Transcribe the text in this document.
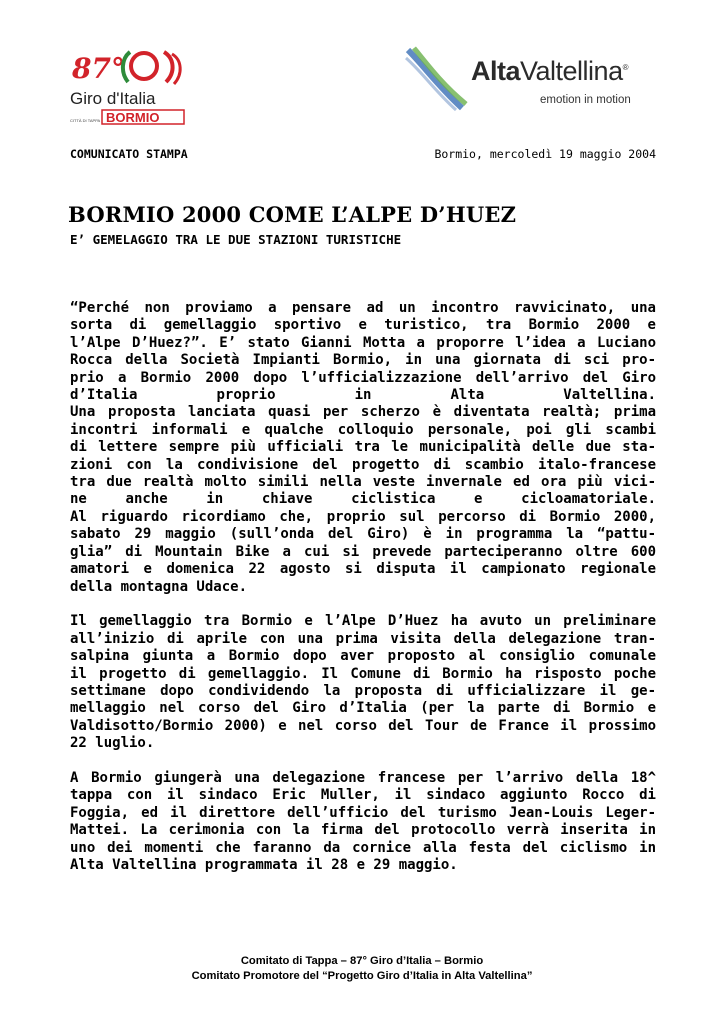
87°
Giro d'Italia
CITTÀ DI TAPPA BORMIO
AltaValtellina®
emotion in motion
COMUNICATO STAMPA	Bormio, mercoledì 19 maggio 2004
BORMIO 2000 COME L’ALPE D’HUEZ
E’ GEMELAGGIO TRA LE DUE STAZIONI TURISTICHE

“Perché non proviamo a pensare ad un incontro ravvicinato, una
sorta di gemellaggio sportivo e turistico, tra Bormio 2000 e
l’Alpe D’Huez?”. E’ stato Gianni Motta a proporre l’idea a Luciano
Rocca della Società Impianti Bormio, in una giornata di sci pro-
prio a Bormio 2000 dopo l’ufficializzazione dell’arrivo del Giro
d’Italia proprio in Alta Valtellina.
Una proposta lanciata quasi per scherzo è diventata realtà; prima
incontri informali e qualche colloquio personale, poi gli scambi
di lettere sempre più ufficiali tra le municipalità delle due sta-
zioni con la condivisione del progetto di scambio italo-francese
tra due realtà molto simili nella veste invernale ed ora più vici-
ne anche in chiave ciclistica e cicloamatoriale.
Al riguardo ricordiamo che, proprio sul percorso di Bormio 2000,
sabato 29 maggio (sull’onda del Giro) è in programma la “pattu-
glia” di Mountain Bike a cui si prevede parteciperanno oltre 600
amatori e domenica 22 agosto si disputa il campionato regionale
della montagna Udace.

Il gemellaggio tra Bormio e l’Alpe D’Huez ha avuto un preliminare
all’inizio di aprile con una prima visita della delegazione tran-
salpina giunta a Bormio dopo aver proposto al consiglio comunale
il progetto di gemellaggio. Il Comune di Bormio ha risposto poche
settimane dopo condividendo la proposta di ufficializzare il ge-
mellaggio nel corso del Giro d’Italia (per la parte di Bormio e
Valdisotto/Bormio 2000) e nel corso del Tour de France il prossimo
22 luglio.

A Bormio giungerà una delegazione francese per l’arrivo della 18^
tappa con il sindaco Eric Muller, il sindaco aggiunto Rocco di
Foggia, ed il direttore dell’ufficio del turismo Jean-Louis Leger-
Mattei. La cerimonia con la firma del protocollo verrà inserita in
uno dei momenti che faranno da cornice alla festa del ciclismo in
Alta Valtellina programmata il 28 e 29 maggio.

Comitato di Tappa – 87° Giro d’Italia – Bormio
Comitato Promotore del “Progetto Giro d’Italia in Alta Valtellina”
